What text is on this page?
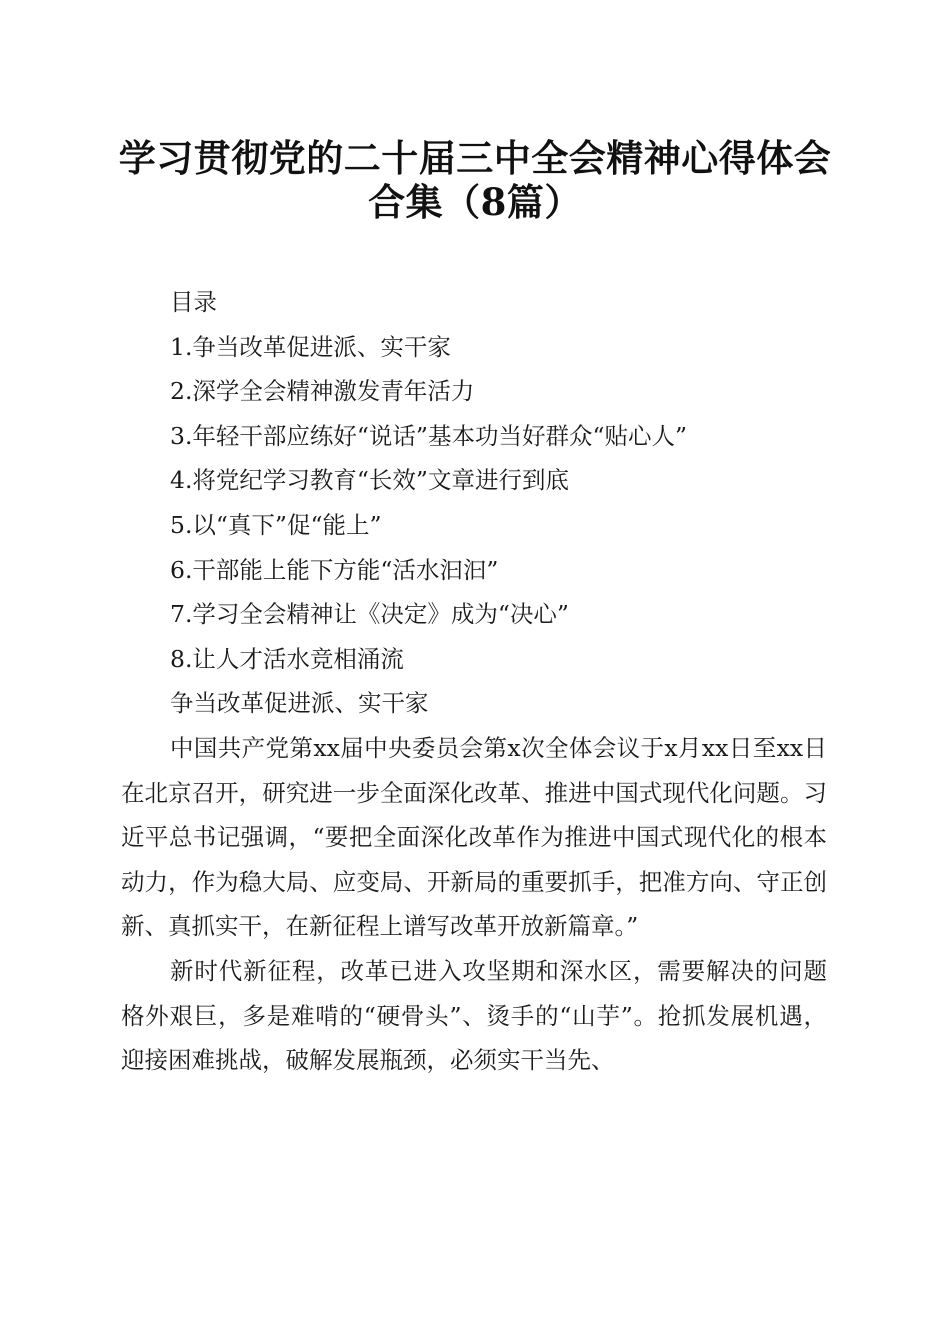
学习贯彻党的二十届三中全会精神心得体会合集（8篇）

目录

1.争当改革促进派、实干家
2.深学全会精神激发青年活力
3.年轻干部应练好“说话”基本功当好群众“贴心人”
4.将党纪学习教育“长效”文章进行到底
5.以“真下”促“能上”
6.干部能上能下方能“活水汩汩”
7.学习全会精神让《决定》成为“决心”
8.让人才活水竞相涌流

争当改革促进派、实干家

中国共产党第xx届中央委员会第x次全体会议于x月xx日至xx日在北京召开，研究进一步全面深化改革、推进中国式现代化问题。习近平总书记强调，“要把全面深化改革作为推进中国式现代化的根本动力，作为稳大局、应变局、开新局的重要抓手，把准方向、守正创新、真抓实干，在新征程上谱写改革开放新篇章。”

新时代新征程，改革已进入攻坚期和深水区，需要解决的问题格外艰巨，多是难啃的“硬骨头”、烫手的“山芋”。抢抓发展机遇，迎接困难挑战，破解发展瓶颈，必须实干当先、
